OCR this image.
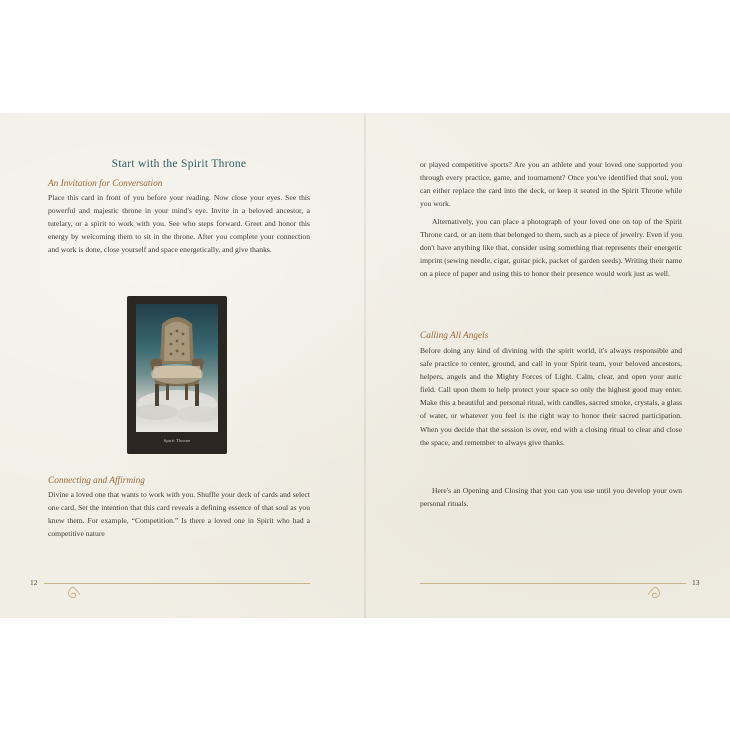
Start with the Spirit Throne
An Invitation for Conversation

Place this card in front of you before your reading. Now close your eyes. See this powerful and majestic throne in your mind's eye. Invite in a beloved ancestor, a tutelary, or a spirit to work with you. See who steps forward. Greet and honor this energy by welcoming them to sit in the throne. After you complete your connection and work is done, close yourself and space energetically, and give thanks.

Spirit Throne
Connecting and Affirming

Divine a loved one that wants to work with you. Shuffle your deck of cards and select one card. Set the intention that this card reveals a defining essence of that soul as you knew them. For example, “Competition.” Is there a loved one in Spirit who had a competitive nature

12

or played competitive sports? Are you an athlete and your loved one supported you through every practice, game, and tournament? Once you've identified that soul, you can either replace the card into the deck, or keep it seated in the Spirit Throne while you work.

Alternatively, you can place a photograph of your loved one on top of the Spirit Throne card, or an item that belonged to them, such as a piece of jewelry. Even if you don't have anything like that, consider using something that represents their energetic imprint (sewing needle, cigar, guitar pick, packet of garden seeds). Writing their name on a piece of paper and using this to honor their presence would work just as well.

Calling All Angels

Before doing any kind of divining with the spirit world, it's always responsible and safe practice to center, ground, and call in your Spirit team, your beloved ancestors, helpers, angels and the Mighty Forces of Light. Calm, clear, and open your auric field. Call upon them to help protect your space so only the highest good may enter. Make this a beautiful and personal ritual, with candles, sacred smoke, crystals, a glass of water, or whatever you feel is the right way to honor their sacred participation. When you decide that the session is over, end with a closing ritual to clear and close the space, and remember to always give thanks.

Here's an Opening and Closing that you can you use until you develop your own personal rituals.

13
